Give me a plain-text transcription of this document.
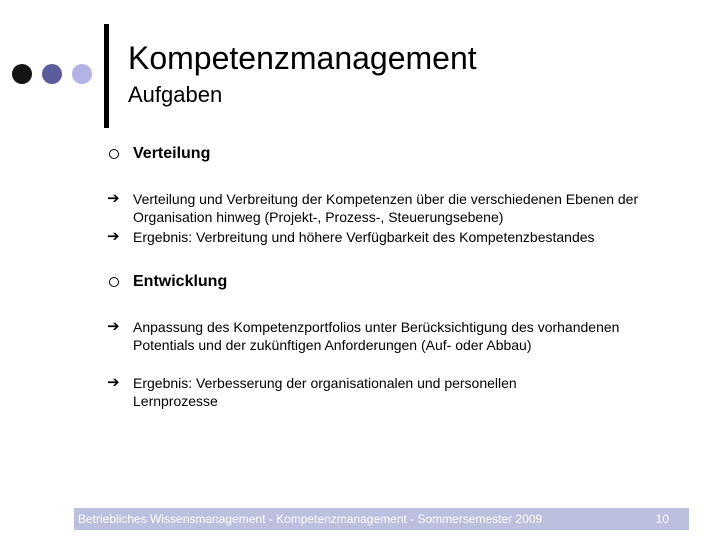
Kompetenzmanagement
Aufgaben
Verteilung
➔ Verteilung und Verbreitung der Kompetenzen über die verschiedenen Ebenen der Organisation hinweg (Projekt-, Prozess-, Steuerungsebene)
➔ Ergebnis: Verbreitung und höhere Verfügbarkeit des Kompetenzbestandes
Entwicklung
➔ Anpassung des Kompetenzportfolios unter Berücksichtigung des vorhandenen Potentials und der zukünftigen Anforderungen (Auf- oder Abbau)
➔ Ergebnis: Verbesserung der organisationalen und personellen Lernprozesse
Betriebliches Wissensmanagement - Kompetenzmanagement - Sommersemester 2009	10
